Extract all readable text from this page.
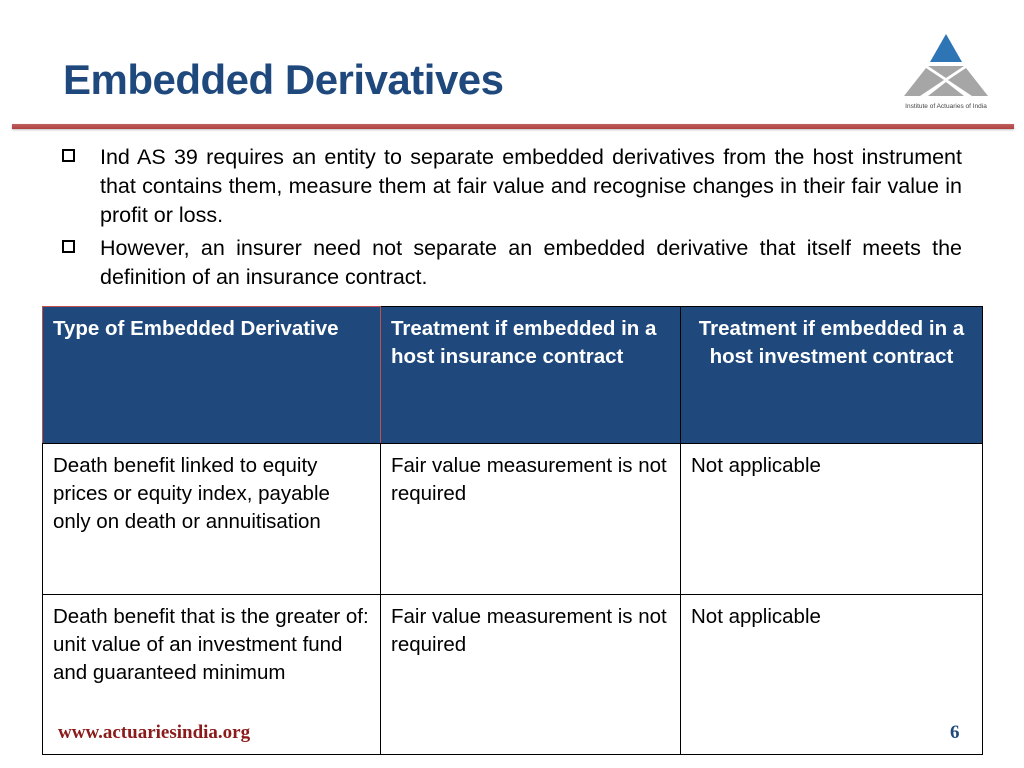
Embedded Derivatives
Institute of Actuaries of India
Ind AS 39 requires an entity to separate embedded derivatives from the host instrument that contains them, measure them at fair value and recognise changes in their fair value in profit or loss.
However, an insurer need not separate an embedded derivative that itself meets the definition of an insurance contract.
Type of Embedded Derivative	Treatment if embedded in a host insurance contract	Treatment if embedded in a host investment contract

Death benefit linked to equity prices or equity index, payable only on death or annuitisation	Fair value measurement is not required	Not applicable

Death benefit that is the greater of:
unit value of an investment fund and guaranteed minimum	Fair value measurement is not required	Not applicable
www.actuariesindia.org	6
